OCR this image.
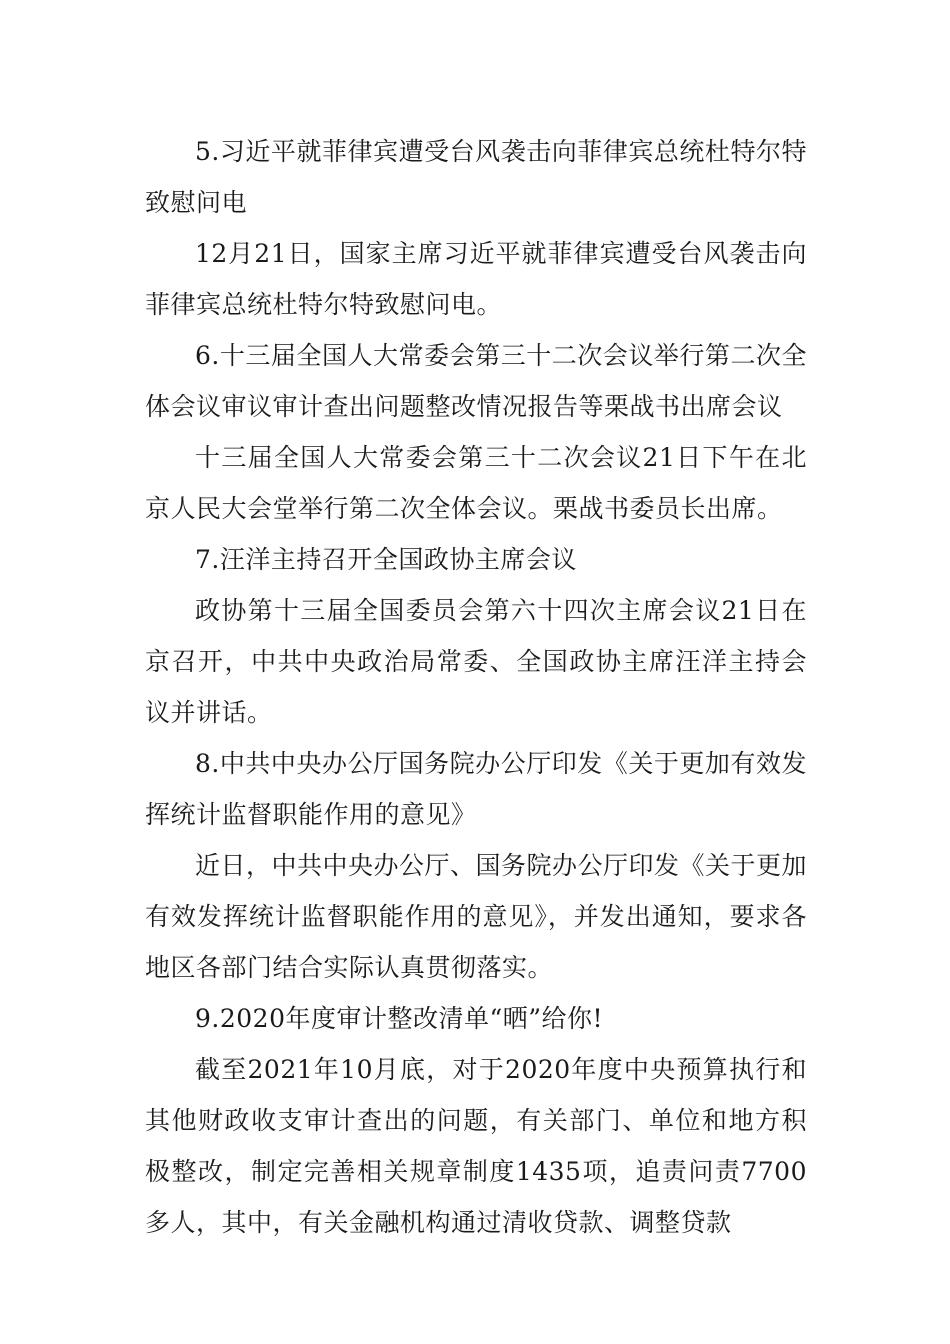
5.习近平就菲律宾遭受台风袭击向菲律宾总统杜特尔特致慰问电

12月21日，国家主席习近平就菲律宾遭受台风袭击向菲律宾总统杜特尔特致慰问电。

6.十三届全国人大常委会第三十二次会议举行第二次全体会议审议审计查出问题整改情况报告等栗战书出席会议

十三届全国人大常委会第三十二次会议21日下午在北京人民大会堂举行第二次全体会议。栗战书委员长出席。

7.汪洋主持召开全国政协主席会议

政协第十三届全国委员会第六十四次主席会议21日在京召开，中共中央政治局常委、全国政协主席汪洋主持会议并讲话。

8.中共中央办公厅国务院办公厅印发《关于更加有效发挥统计监督职能作用的意见》

近日，中共中央办公厅、国务院办公厅印发《关于更加有效发挥统计监督职能作用的意见》，并发出通知，要求各地区各部门结合实际认真贯彻落实。

9.2020年度审计整改清单“晒”给你!

截至2021年10月底，对于2020年度中央预算执行和其他财政收支审计查出的问题，有关部门、单位和地方积极整改，制定完善相关规章制度1435项，追责问责7700多人，其中，有关金融机构通过清收贷款、调整贷款
